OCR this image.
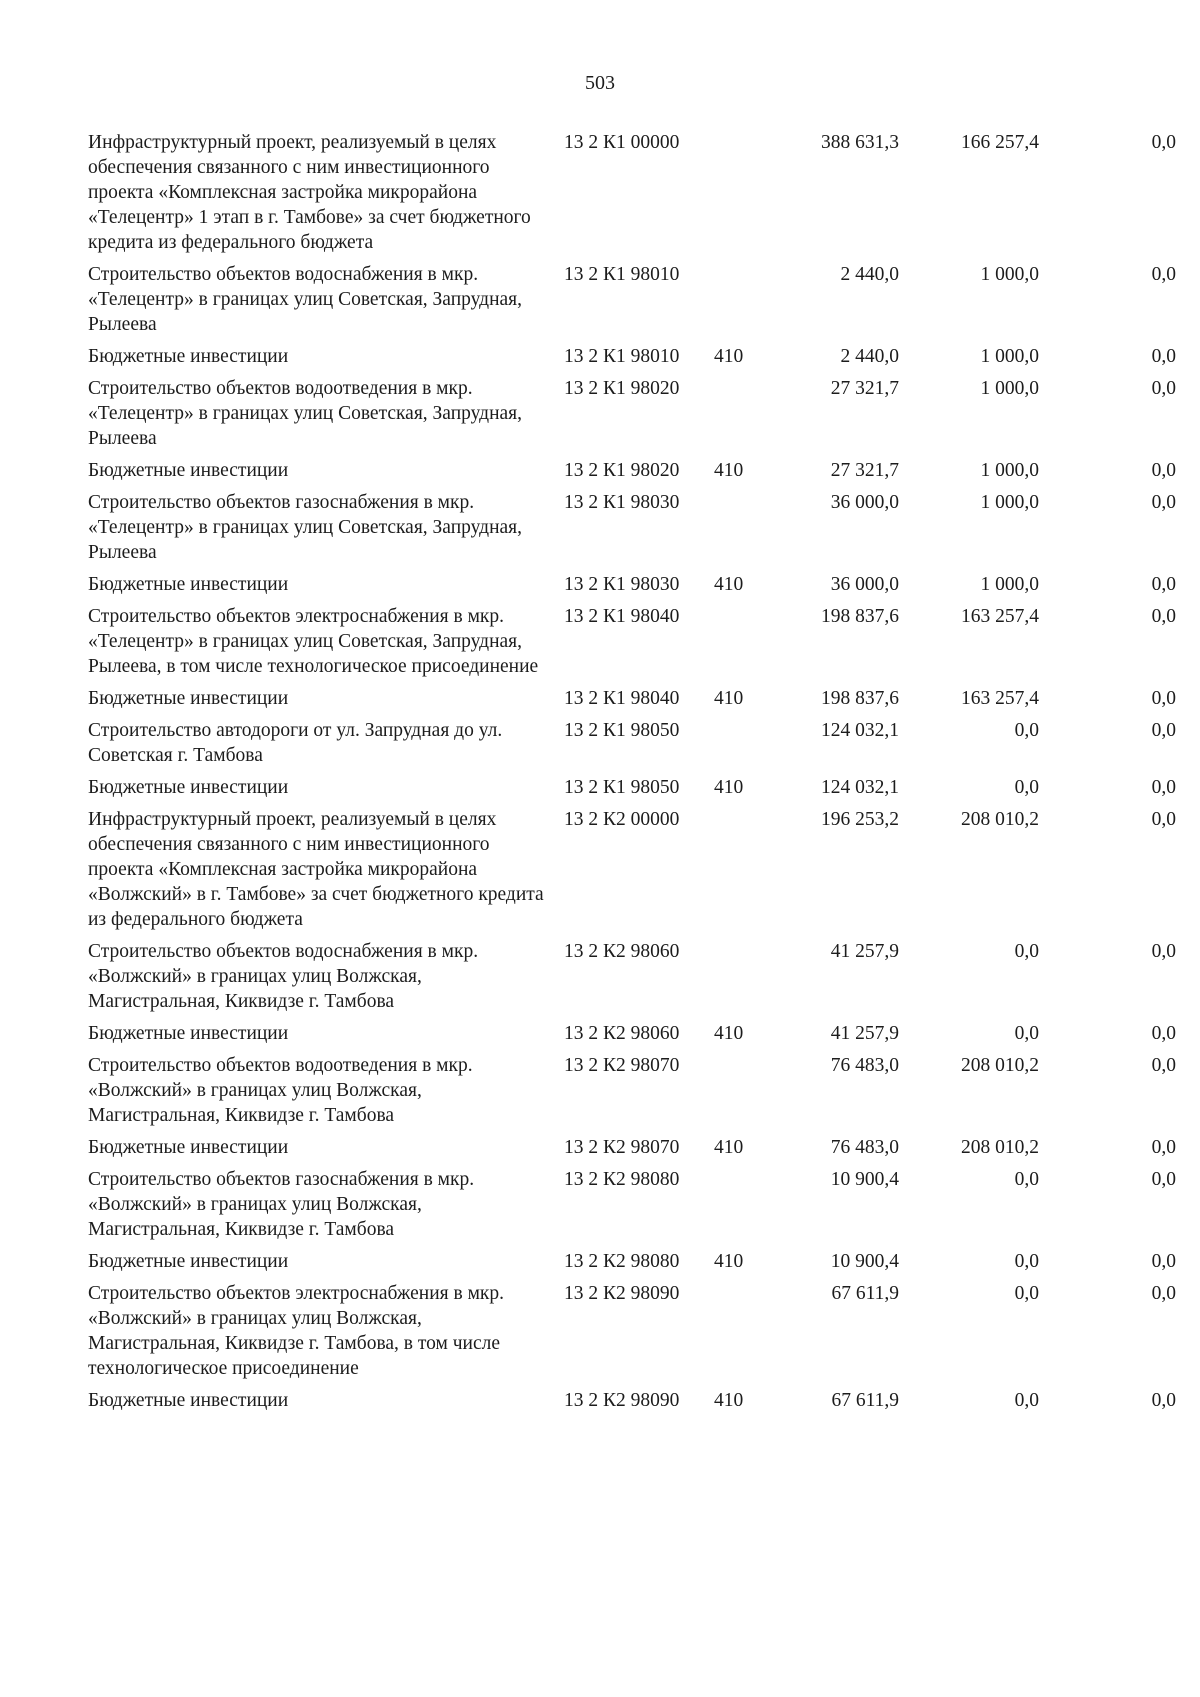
503
Инфраструктурный проект, реализуемый в целях обеспечения связанного с ним инвестиционного проекта «Комплексная застройка микрорайона «Телецентр» 1 этап в г. Тамбове» за счет бюджетного кредита из федерального бюджета	13 2 К1 00000		388 631,3	166 257,4	0,0

Строительство объектов водоснабжения в мкр. «Телецентр» в границах улиц Советская, Запрудная, Рылеева	13 2 К1 98010		2 440,0	1 000,0	0,0

Бюджетные инвестиции	13 2 К1 98010	410	2 440,0	1 000,0	0,0

Строительство объектов водоотведения в мкр. «Телецентр» в границах улиц Советская, Запрудная, Рылеева	13 2 К1 98020		27 321,7	1 000,0	0,0

Бюджетные инвестиции	13 2 К1 98020	410	27 321,7	1 000,0	0,0

Строительство объектов газоснабжения в мкр. «Телецентр» в границах улиц Советская, Запрудная, Рылеева	13 2 К1 98030		36 000,0	1 000,0	0,0

Бюджетные инвестиции	13 2 К1 98030	410	36 000,0	1 000,0	0,0

Строительство объектов электроснабжения в мкр. «Телецентр» в границах улиц Советская, Запрудная, Рылеева, в том числе технологическое присоединение	13 2 К1 98040		198 837,6	163 257,4	0,0

Бюджетные инвестиции	13 2 К1 98040	410	198 837,6	163 257,4	0,0

Строительство автодороги от ул. Запрудная до ул. Советская г. Тамбова	13 2 К1 98050		124 032,1	0,0	0,0

Бюджетные инвестиции	13 2 К1 98050	410	124 032,1	0,0	0,0

Инфраструктурный проект, реализуемый в целях обеспечения связанного с ним инвестиционного проекта «Комплексная застройка микрорайона «Волжский» в г. Тамбове» за счет бюджетного кредита из федерального бюджета	13 2 К2 00000		196 253,2	208 010,2	0,0

Строительство объектов водоснабжения в мкр. «Волжский» в границах улиц Волжская, Магистральная, Киквидзе г. Тамбова	13 2 К2 98060		41 257,9	0,0	0,0

Бюджетные инвестиции	13 2 К2 98060	410	41 257,9	0,0	0,0

Строительство объектов водоотведения в мкр. «Волжский» в границах улиц Волжская, Магистральная, Киквидзе г. Тамбова	13 2 К2 98070		76 483,0	208 010,2	0,0

Бюджетные инвестиции	13 2 К2 98070	410	76 483,0	208 010,2	0,0

Строительство объектов газоснабжения в мкр. «Волжский» в границах улиц Волжская, Магистральная, Киквидзе г. Тамбова	13 2 К2 98080		10 900,4	0,0	0,0

Бюджетные инвестиции	13 2 К2 98080	410	10 900,4	0,0	0,0

Строительство объектов электроснабжения в мкр. «Волжский» в границах улиц Волжская, Магистральная, Киквидзе г. Тамбова, в том числе технологическое присоединение	13 2 К2 98090		67 611,9	0,0	0,0

Бюджетные инвестиции	13 2 К2 98090	410	67 611,9	0,0	0,0
